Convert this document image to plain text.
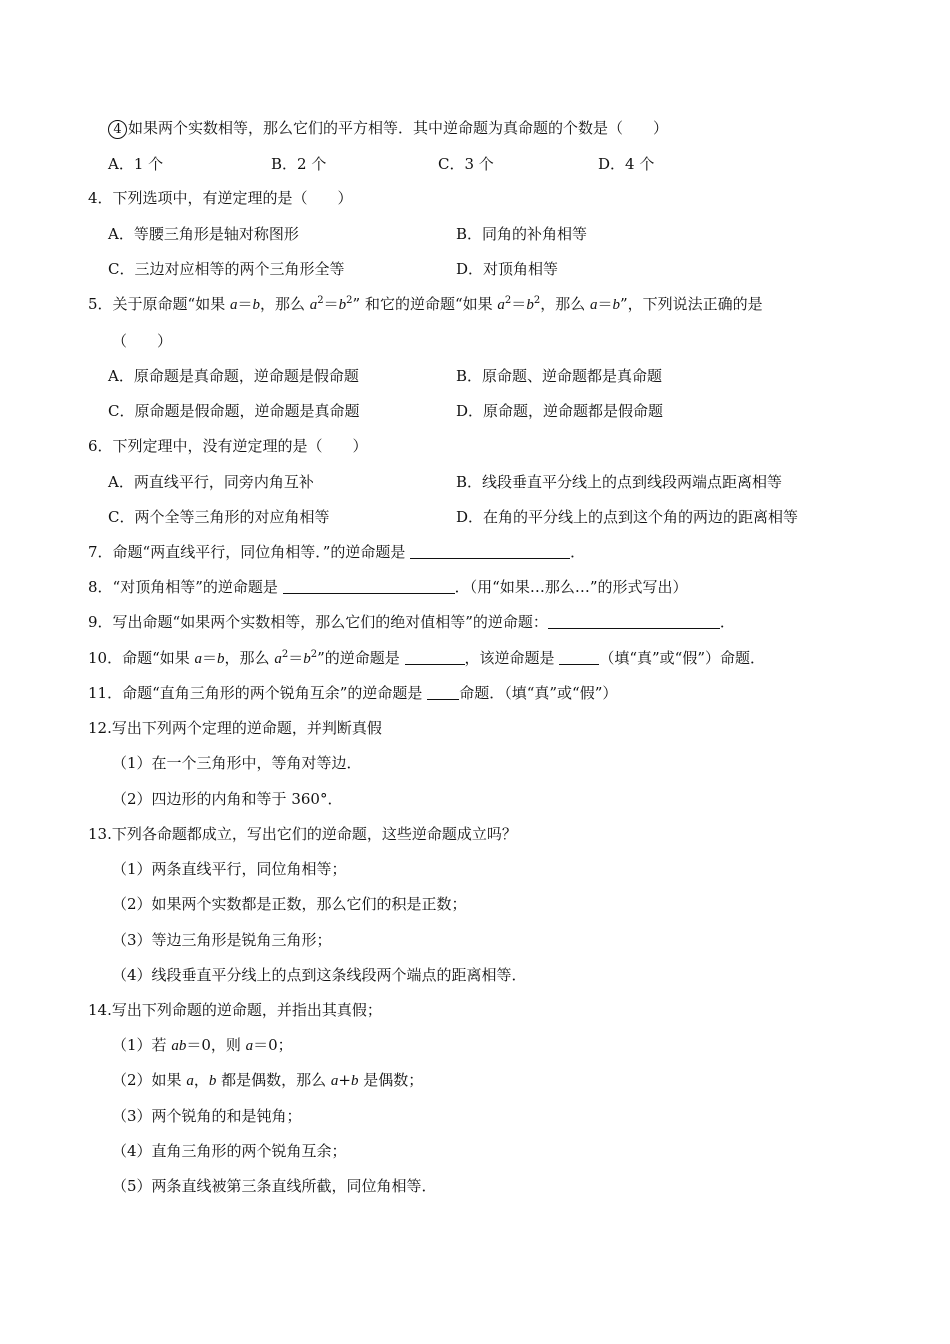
4 如果两个实数相等，那么它们的平方相等．其中逆命题为真命题的个数是（　　）
A．1 个	B．2 个	C．3 个	D．4 个
4．下列选项中，有逆定理的是（　　）
A．等腰三角形是轴对称图形	B．同角的补角相等
C．三边对应相等的两个三角形全等	D．对顶角相等
5．关于原命题“如果 a＝b，那么 $a^2=b^2$” 和它的逆命题“如果 $a^2=b^2$，那么 a＝b”，下列说法正确的是
（　　）
A．原命题是真命题，逆命题是假命题	B．原命题、逆命题都是真命题
C．原命题是假命题，逆命题是真命题	D．原命题，逆命题都是假命题
6．下列定理中，没有逆定理的是（　　）
A．两直线平行，同旁内角互补	B．线段垂直平分线上的点到线段两端点距离相等
C．两个全等三角形的对应角相等	D．在角的平分线上的点到这个角的两边的距离相等
7．命题“两直线平行，同位角相等．”的逆命题是	．
8．“对顶角相等”的逆命题是	．（用“如果…那么…”的形式写出）
9．写出命题“如果两个实数相等，那么它们的绝对值相等”的逆命题：	．
10．命题“如果 a＝b，那么 $a^2=b^2$”的逆命题是	，该逆命题是	（填“真”或“假”）命题．
11．命题“直角三角形的两个锐角互余”的逆命题是 命题．（填“真”或“假”）
12.写出下列两个定理的逆命题，并判断真假
（1）在一个三角形中，等角对等边．
（2）四边形的内角和等于 360°．
13.下列各命题都成立，写出它们的逆命题，这些逆命题成立吗？
（1）两条直线平行，同位角相等；
（2）如果两个实数都是正数，那么它们的积是正数；
（3）等边三角形是锐角三角形；
（4）线段垂直平分线上的点到这条线段两个端点的距离相等．
14.写出下列命题的逆命题，并指出其真假；
（1）若 ab＝0，则 a＝0；
（2）如果 a，b 都是偶数，那么 a+b 是偶数；
（3）两个锐角的和是钝角；
（4）直角三角形的两个锐角互余；
（5）两条直线被第三条直线所截，同位角相等．
